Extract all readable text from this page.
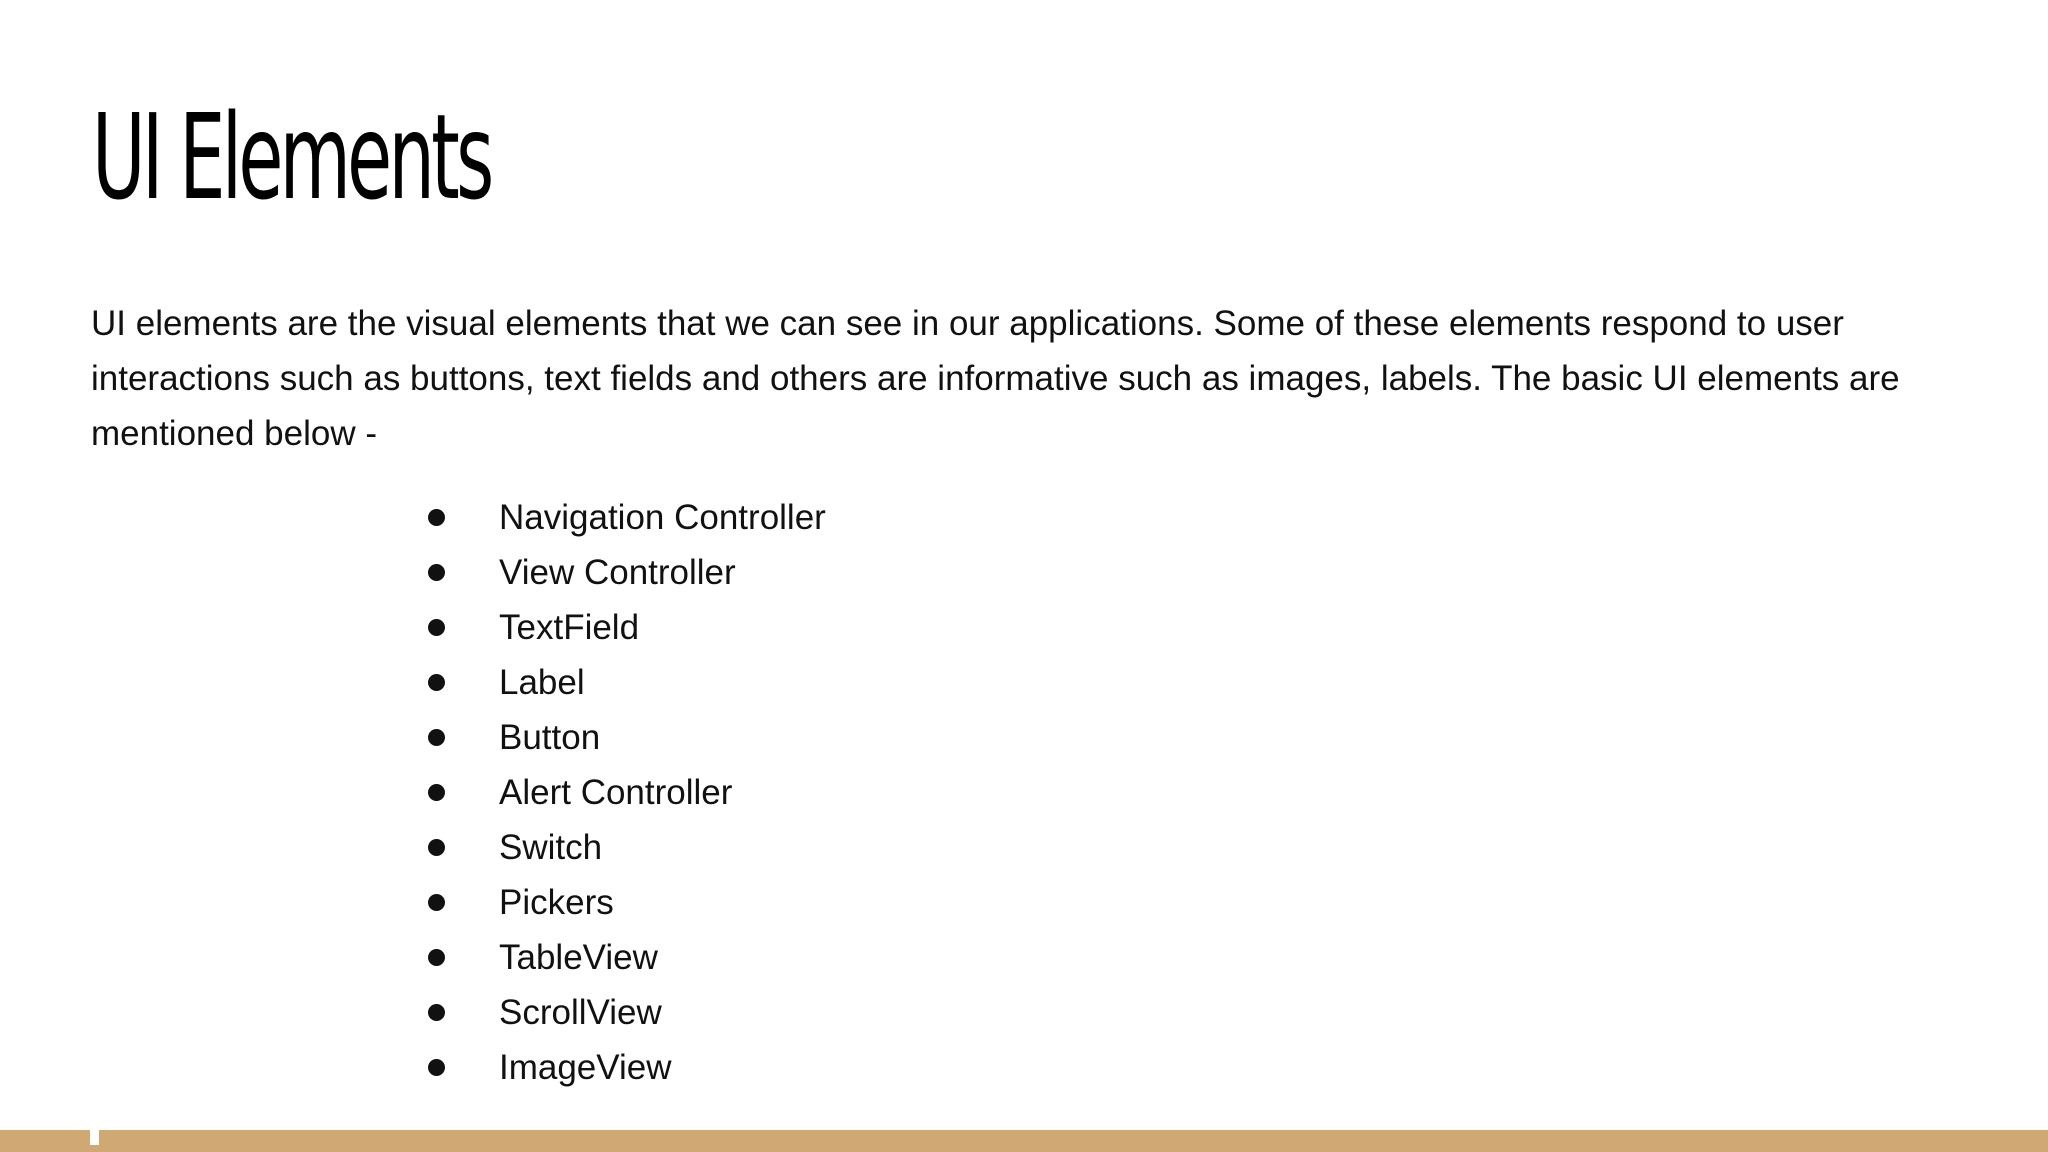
UI Elements

UI elements are the visual elements that we can see in our applications. Some of these elements respond to user interactions such as buttons, text fields and others are informative such as images, labels. The basic UI elements are mentioned below -

Navigation Controller
View Controller
TextField
Label
Button
Alert Controller
Switch
Pickers
TableView
ScrollView
ImageView
